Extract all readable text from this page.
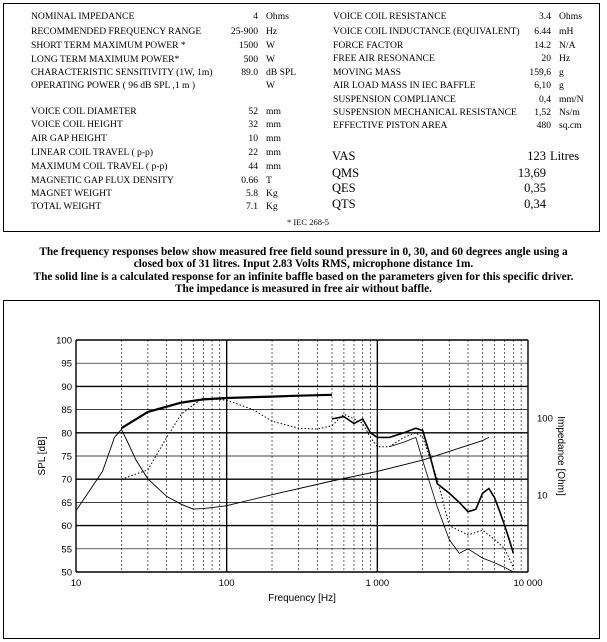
NOMINAL IMPEDANCE	4 Ohms
RECOMMENDED FREQUENCY RANGE	25-900 Hz
SHORT TERM MAXIMUM POWER *	1500 W
LONG TERM MAXIMUM POWER*	500 W
CHARACTERISTIC SENSITIVITY (1W, 1m)	89.0 dB SPL
OPERATING POWER ( 96 dB SPL ,1 m )	W
VOICE COIL DIAMETER	52 mm
VOICE COIL HEIGHT	32 mm
AIR GAP HEIGHT	10 mm
LINEAR COIL TRAVEL ( p-p)	22 mm
MAXIMUM COIL TRAVEL ( p-p)	44 mm
MAGNETIC GAP FLUX DENSITY	0.66 T
MAGNET WEIGHT	5.8 Kg
TOTAL WEIGHT	7.1 Kg
VOICE COIL RESISTANCE	3.4 Ohms
VOICE COIL INDUCTANCE (EQUIVALENT)	6.44 mH
FORCE FACTOR	14.2 N/A
FREE AIR RESONANCE	20 Hz
MOVING MASS	159,6 g
AIR LOAD MASS IN IEC BAFFLE	6,10 g
SUSPENSION COMPLIANCE	0,4 mm/N
SUSPENSION MECHANICAL RESISTANCE	1,52 Ns/m
EFFECTIVE PISTON AREA	480 sq.cm
VAS	123 Litres
QMS	13,69
QES	0,35
QTS	0,34
* IEC 268-5
The frequency responses below show measured free field sound pressure in 0, 30, and 60 degrees angle using a
closed box of 31 litres. Input 2.83 Volts RMS, microphone distance 1m.
The solid line is a calculated response for an infinite baffle based on the parameters given for this specific driver.
The impedance is measured in free air without baffle.
50
55
60
65
70
75
80
85
90
95
100
10	100	1 000	10 000
10
100
Frequency [Hz]
SPL [dB]	Impedance [Ohm]
